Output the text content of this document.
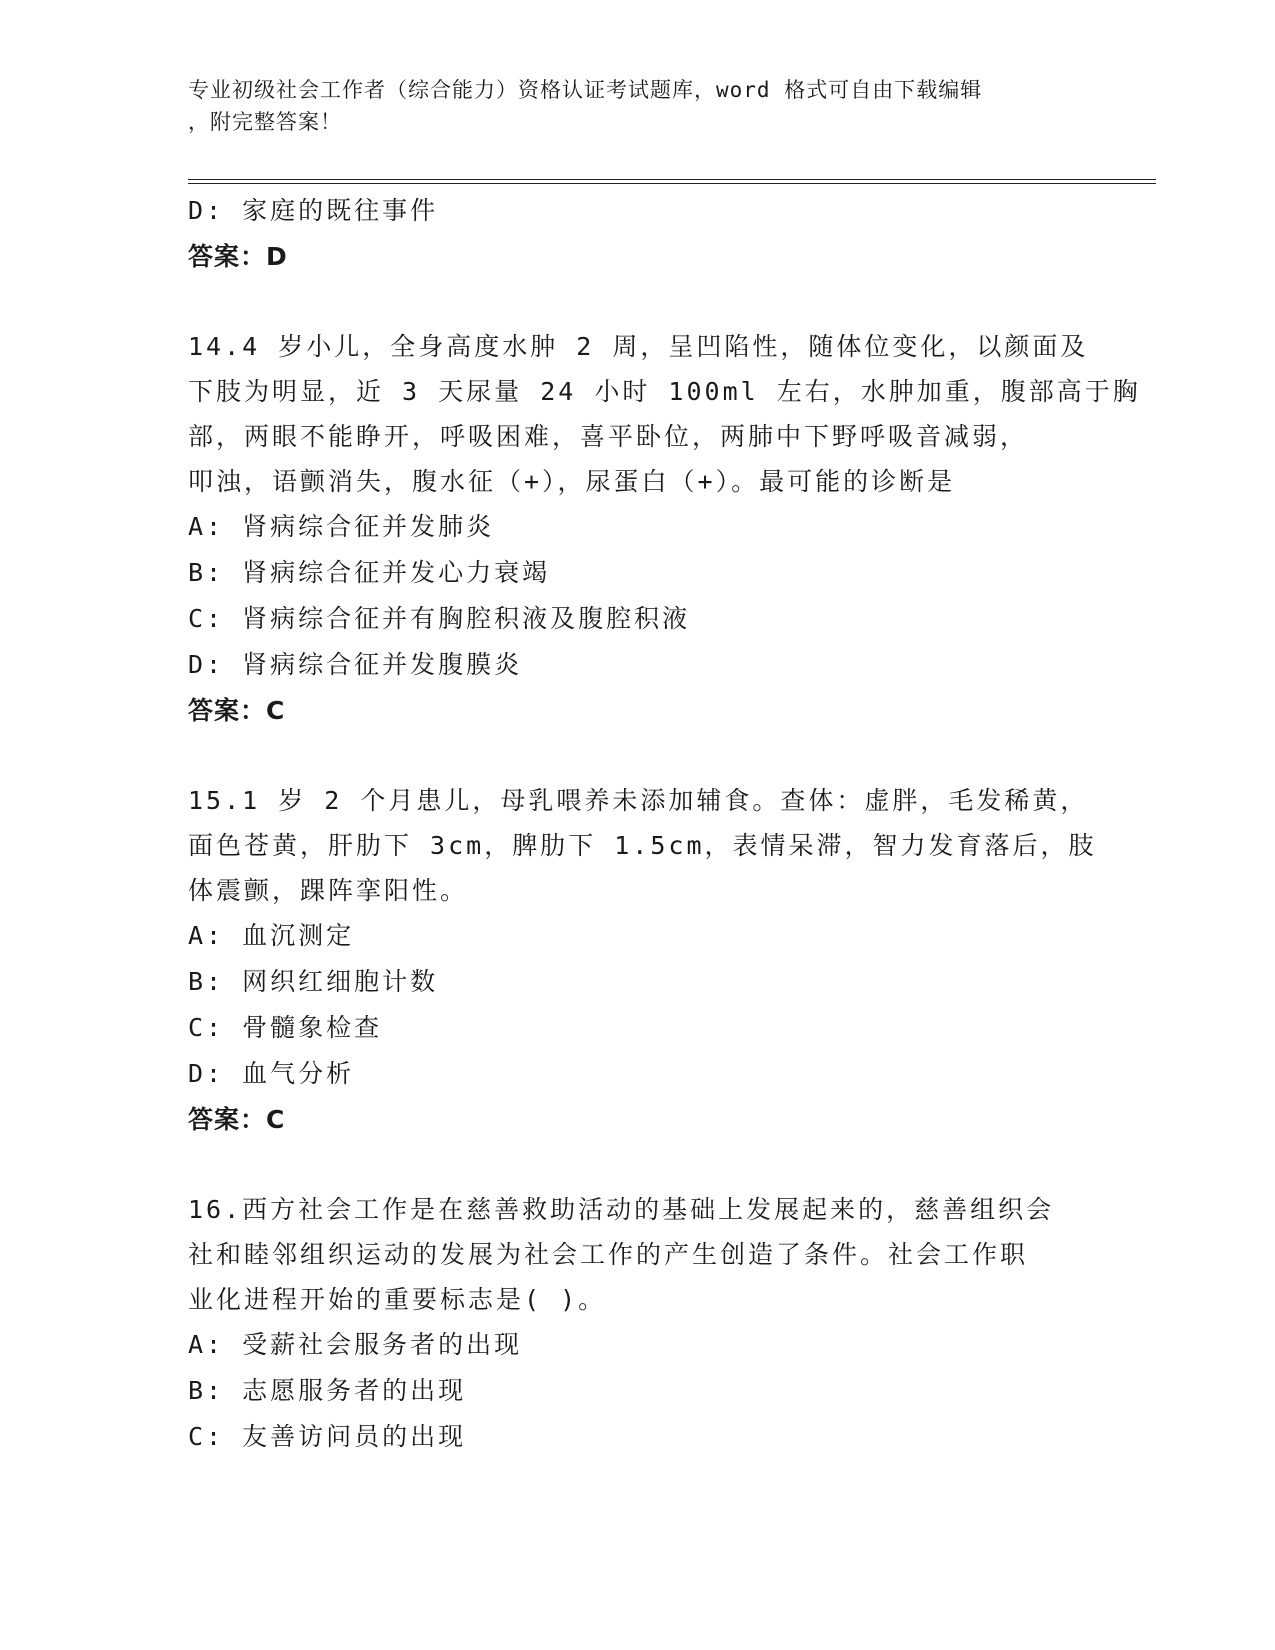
专业初级社会工作者（综合能力）资格认证考试题库，word 格式可自由下载编辑
，附完整答案！
D: 家庭的既往事件
答案：D
14.4 岁小儿，全身高度水肿 2 周，呈凹陷性，随体位变化，以颜面及
下肢为明显，近 3 天尿量 24 小时 100ml 左右，水肿加重，腹部高于胸
部，两眼不能睁开，呼吸困难，喜平卧位，两肺中下野呼吸音减弱，
叩浊，语颤消失，腹水征（+），尿蛋白（+）。最可能的诊断是
A: 肾病综合征并发肺炎
B: 肾病综合征并发心力衰竭
C: 肾病综合征并有胸腔积液及腹腔积液
D: 肾病综合征并发腹膜炎
答案：C
15.1 岁 2 个月患儿，母乳喂养未添加辅食。查体：虚胖，毛发稀黄，
面色苍黄，肝肋下 3cm，脾肋下 1.5cm，表情呆滞，智力发育落后，肢
体震颤，踝阵挛阳性。
A: 血沉测定
B: 网织红细胞计数
C: 骨髓象检查
D: 血气分析
答案：C
16.西方社会工作是在慈善救助活动的基础上发展起来的，慈善组织会
社和睦邻组织运动的发展为社会工作的产生创造了条件。社会工作职
业化进程开始的重要标志是( )。
A: 受薪社会服务者的出现
B: 志愿服务者的出现
C: 友善访问员的出现
